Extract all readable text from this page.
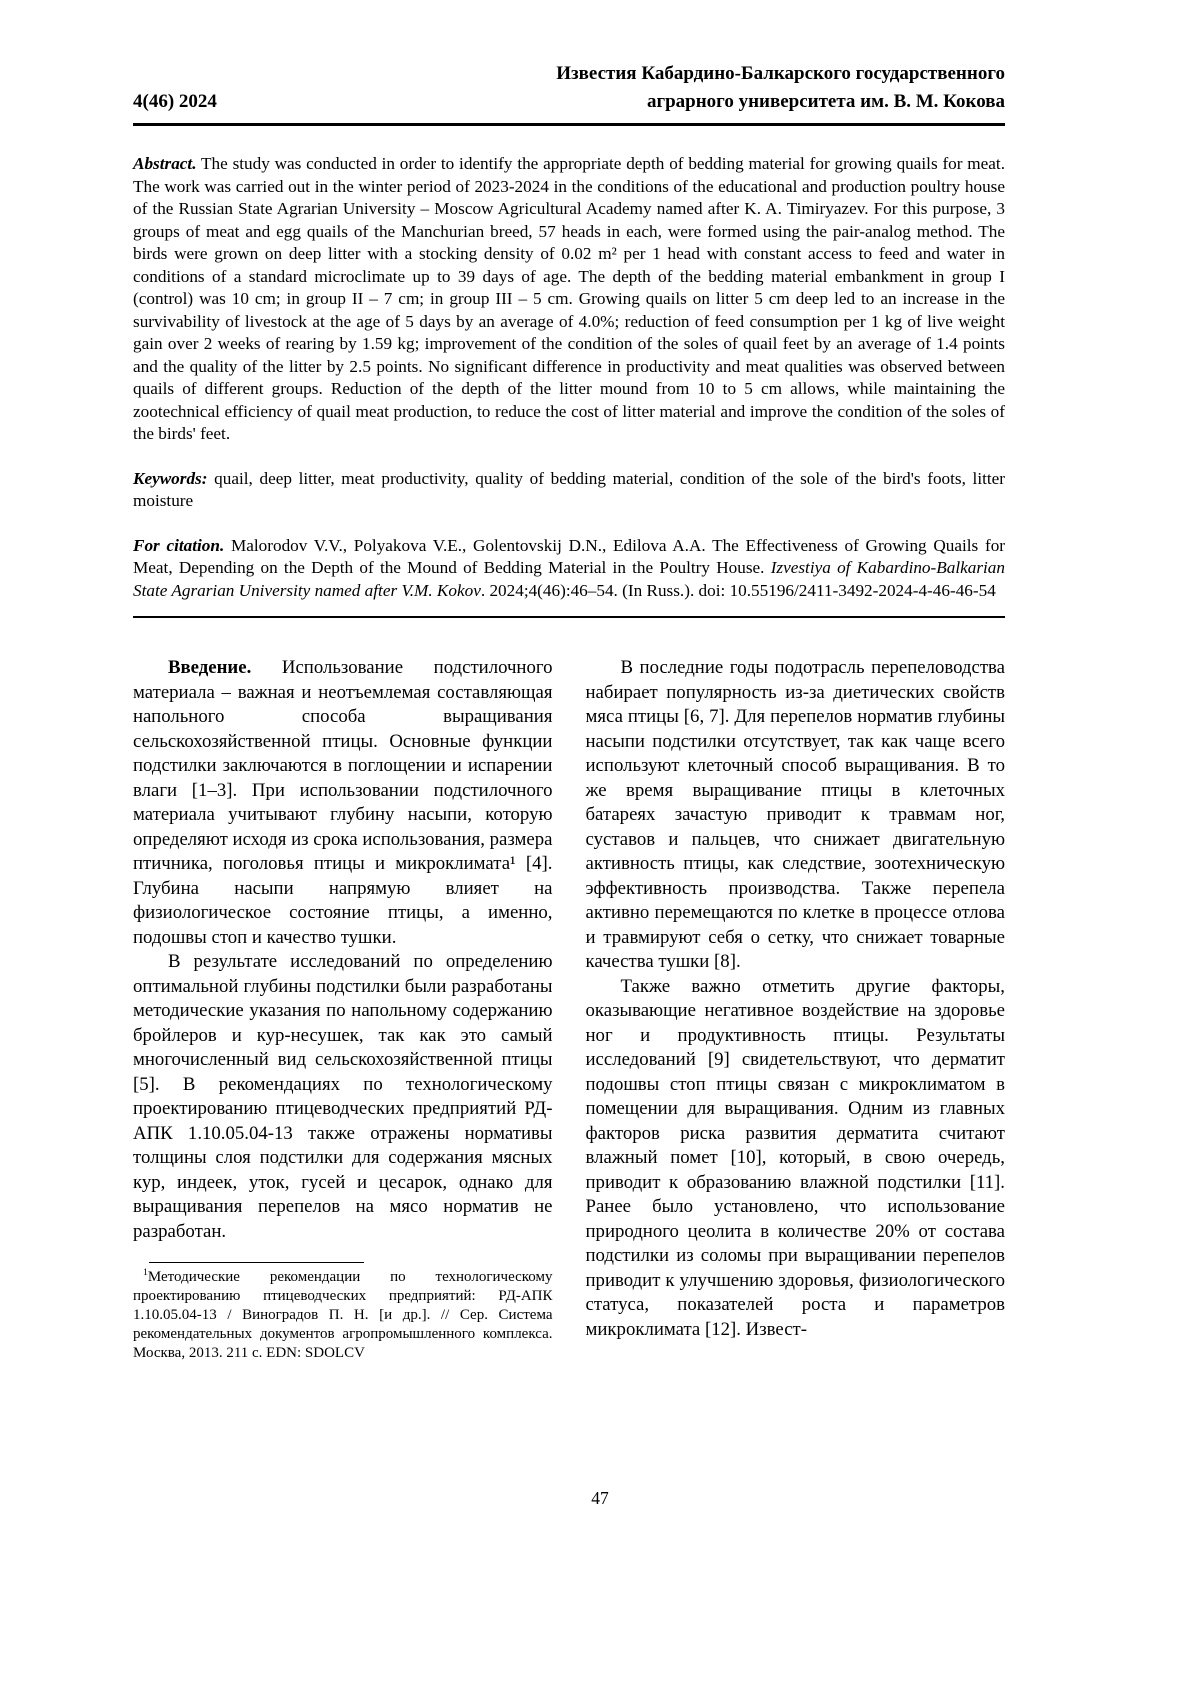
4(46) 2024
Известия Кабардино-Балкарского государственного
аграрного университета им. В. М. Кокова

Abstract. The study was conducted in order to identify the appropriate depth of bedding material for growing quails for meat. The work was carried out in the winter period of 2023-2024 in the conditions of the educational and production poultry house of the Russian State Agrarian University – Moscow Agricultural Academy named after K. A. Timiryazev. For this purpose, 3 groups of meat and egg quails of the Manchurian breed, 57 heads in each, were formed using the pair-analog method. The birds were grown on deep litter with a stocking density of 0.02 m² per 1 head with constant access to feed and water in conditions of a standard microclimate up to 39 days of age. The depth of the bedding material embankment in group I (control) was 10 cm; in group II – 7 cm; in group III – 5 cm. Growing quails on litter 5 cm deep led to an increase in the survivability of livestock at the age of 5 days by an average of 4.0%; reduction of feed consumption per 1 kg of live weight gain over 2 weeks of rearing by 1.59 kg; improvement of the condition of the soles of quail feet by an average of 1.4 points and the quality of the litter by 2.5 points. No significant difference in productivity and meat qualities was observed between quails of different groups. Reduction of the depth of the litter mound from 10 to 5 cm allows, while maintaining the zootechnical efficiency of quail meat production, to reduce the cost of litter material and improve the condition of the soles of the birds' feet.

Keywords: quail, deep litter, meat productivity, quality of bedding material, condition of the sole of the bird's foots, litter moisture

For citation. Malorodov V.V., Polyakova V.E., Golentovskij D.N., Edilova A.A. The Effectiveness of Growing Quails for Meat, Depending on the Depth of the Mound of Bedding Material in the Poultry House. Izvestiya of Kabardino-Balkarian State Agrarian University named after V.M. Kokov. 2024;4(46):46–54. (In Russ.). doi: 10.55196/2411-3492-2024-4-46-46-54

Введение. Использование подстилочного материала – важная и неотъемлемая составляющая напольного способа выращивания сельскохозяйственной птицы. Основные функции подстилки заключаются в поглощении и испарении влаги [1–3]. При использовании подстилочного материала учитывают глубину насыпи, которую определяют исходя из срока использования, размера птичника, поголовья птицы и микроклимата¹ [4]. Глубина насыпи напрямую влияет на физиологическое состояние птицы, а именно, подошвы стоп и качество тушки.

В результате исследований по определению оптимальной глубины подстилки были разработаны методические указания по напольному содержанию бройлеров и кур-несушек, так как это самый многочисленный вид сельскохозяйственной птицы [5]. В рекомендациях по технологическому проектированию птицеводческих предприятий РД-АПК 1.10.05.04-13 также отражены нормативы толщины слоя подстилки для содержания мясных кур, индеек, уток, гусей и цесарок, однако для выращивания перепелов на мясо норматив не разработан.

$^1$Методические рекомендации по технологическому проектированию птицеводческих предприятий: РД-АПК 1.10.05.04-13 / Виноградов П. Н. [и др.]. // Сер. Система рекомендательных документов агропромышленного комплекса. Москва, 2013. 211 с. EDN: SDOLCV

В последние годы подотрасль перепеловодства набирает популярность из-за диетических свойств мяса птицы [6, 7]. Для перепелов норматив глубины насыпи подстилки отсутствует, так как чаще всего используют клеточный способ выращивания. В то же время выращивание птицы в клеточных батареях зачастую приводит к травмам ног, суставов и пальцев, что снижает двигательную активность птицы, как следствие, зоотехническую эффективность производства. Также перепела активно перемещаются по клетке в процессе отлова и травмируют себя о сетку, что снижает товарные качества тушки [8].

Также важно отметить другие факторы, оказывающие негативное воздействие на здоровье ног и продуктивность птицы. Результаты исследований [9] свидетельствуют, что дерматит подошвы стоп птицы связан с микроклиматом в помещении для выращивания. Одним из главных факторов риска развития дерматита считают влажный помет [10], который, в свою очередь, приводит к образованию влажной подстилки [11]. Ранее было установлено, что использование природного цеолита в количестве 20% от состава подстилки из соломы при выращивании перепелов приводит к улучшению здоровья, физиологического статуса, показателей роста и параметров микроклимата [12]. Извест-

47
